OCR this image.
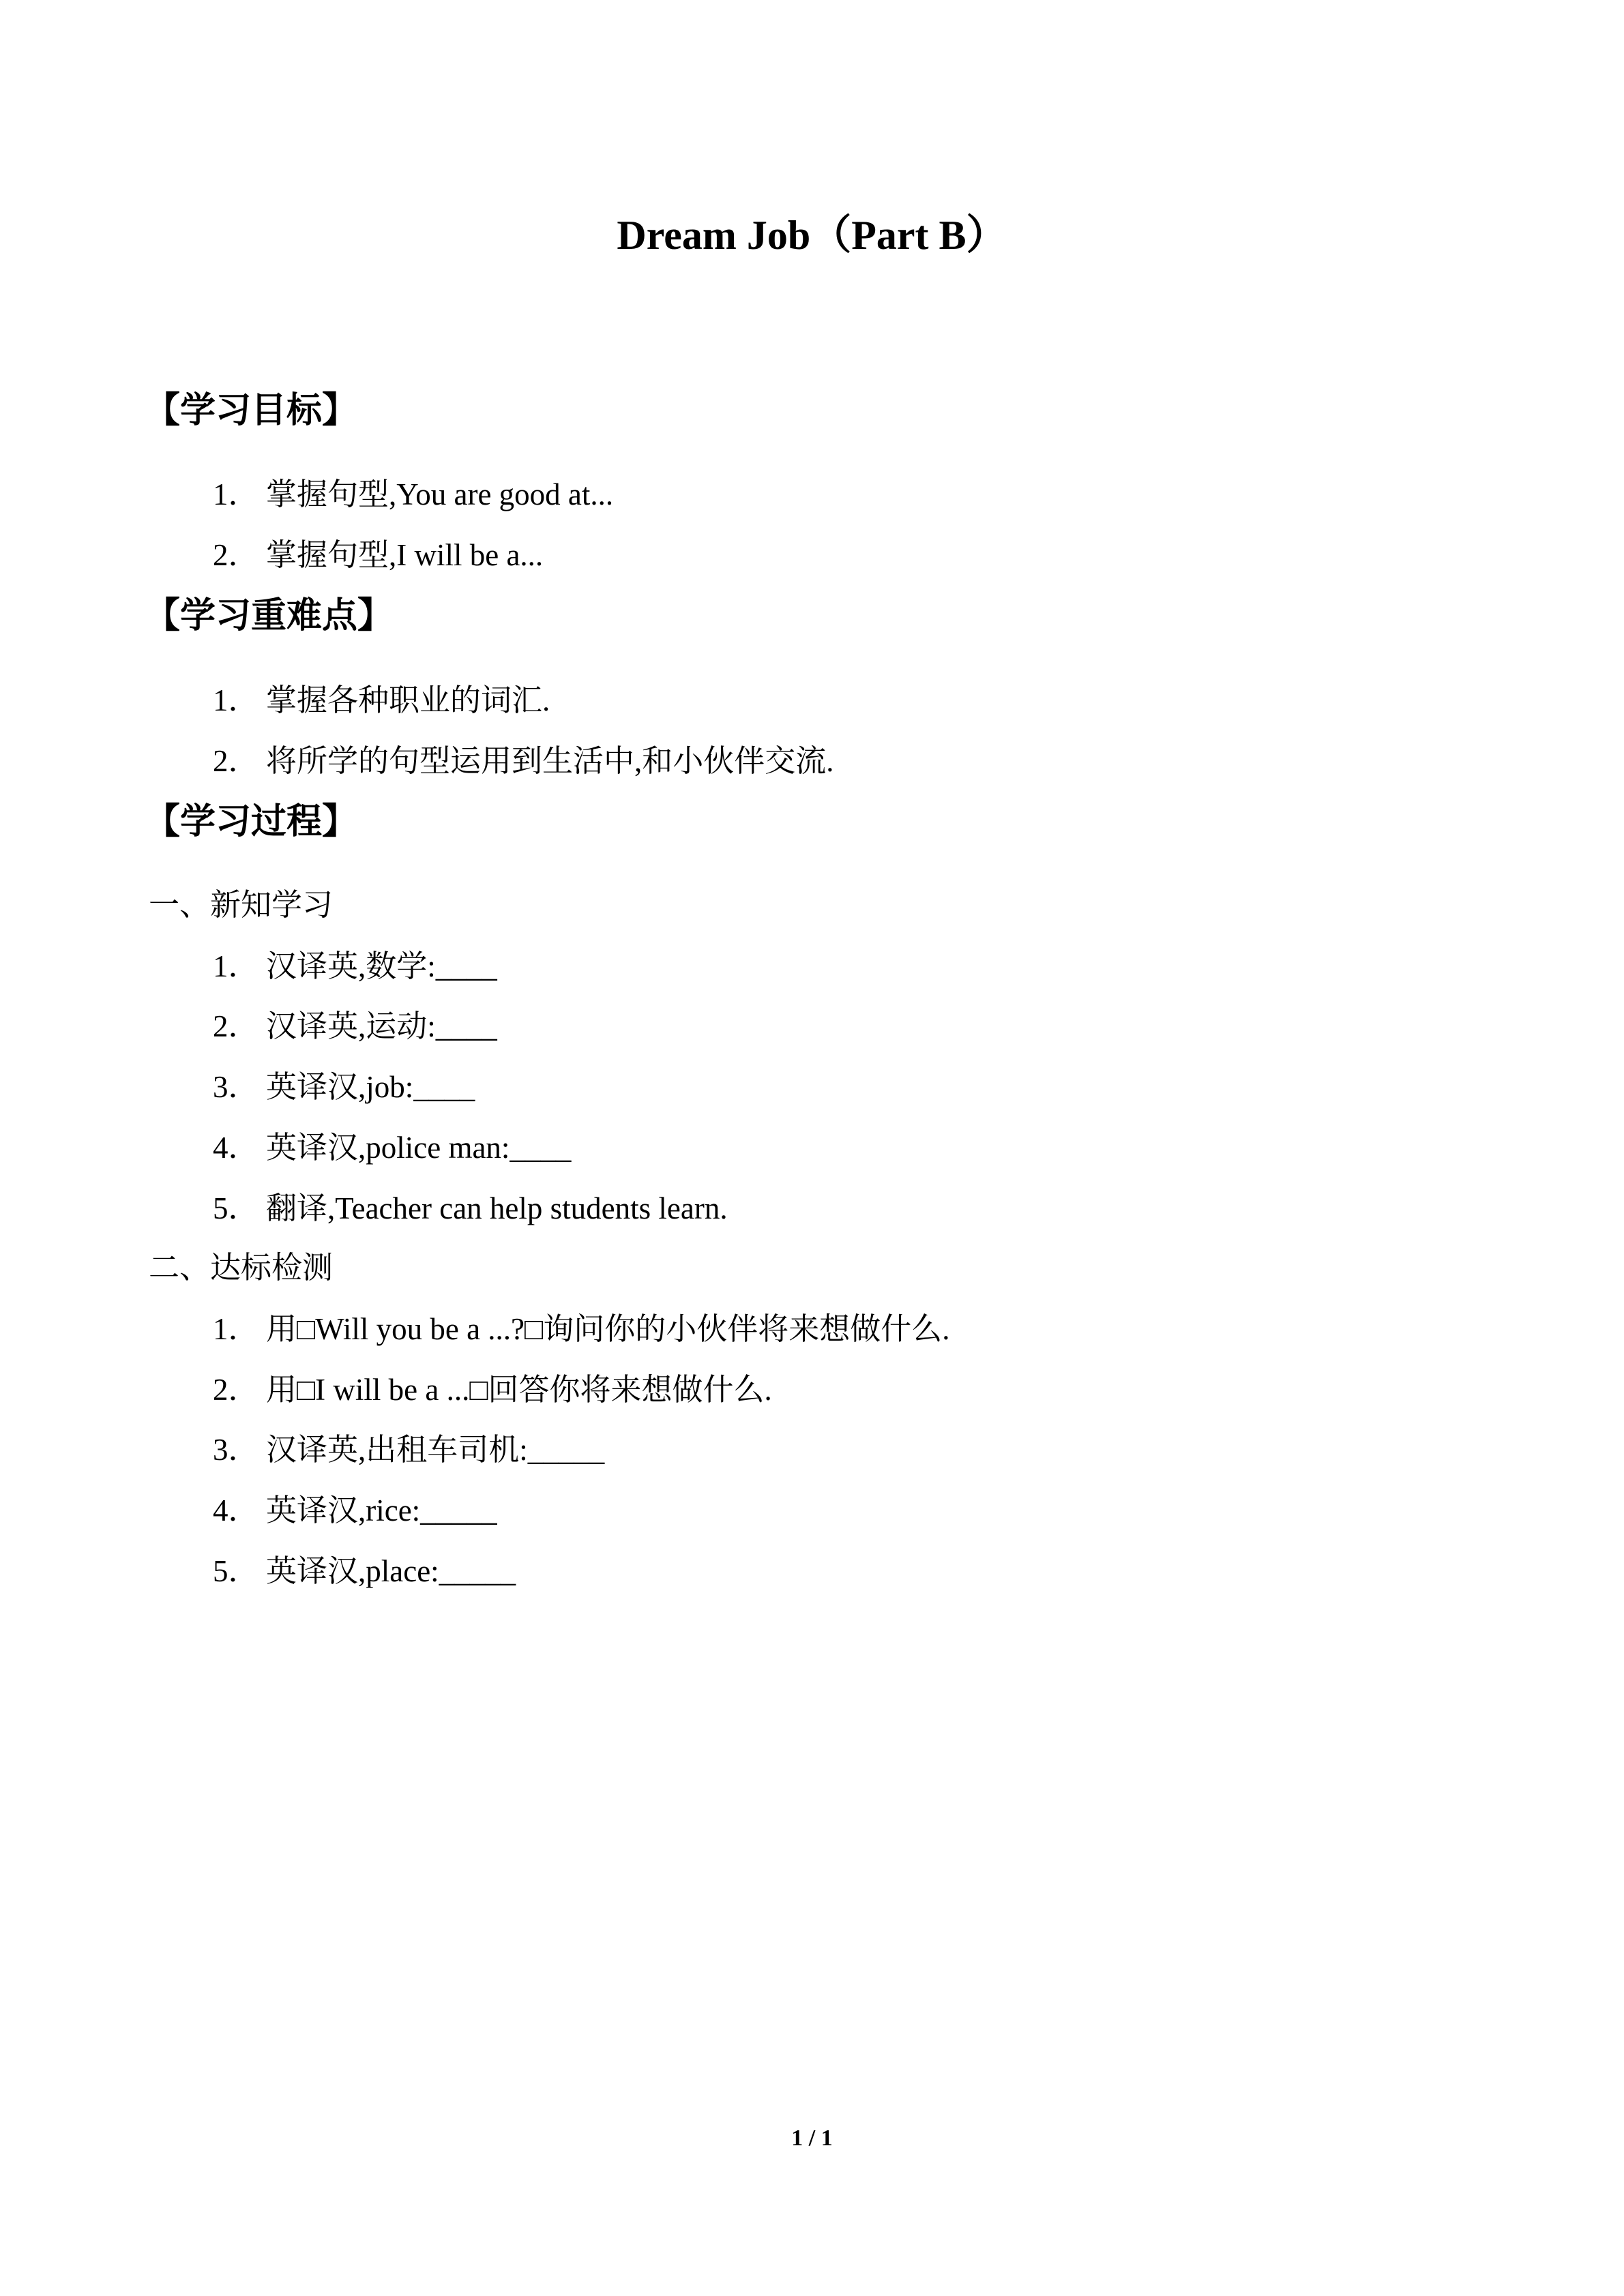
Dream Job（Part B）
【学习目标】
1． 掌握句型,You are good at...
2． 掌握句型,I will be a...
【学习重难点】
1． 掌握各种职业的词汇.
2． 将所学的句型运用到生活中,和小伙伴交流.
【学习过程】
一、新知学习
1． 汉译英,数学:____
2． 汉译英,运动:____
3． 英译汉,job:____
4． 英译汉,police man:____
5． 翻译,Teacher can help students learn.
二、达标检测
1． 用□Will you be a ...?□询问你的小伙伴将来想做什么.
2． 用□I will be a ...□回答你将来想做什么.
3． 汉译英,出租车司机:_____
4． 英译汉,rice:_____
5． 英译汉,place:_____
1 / 1
